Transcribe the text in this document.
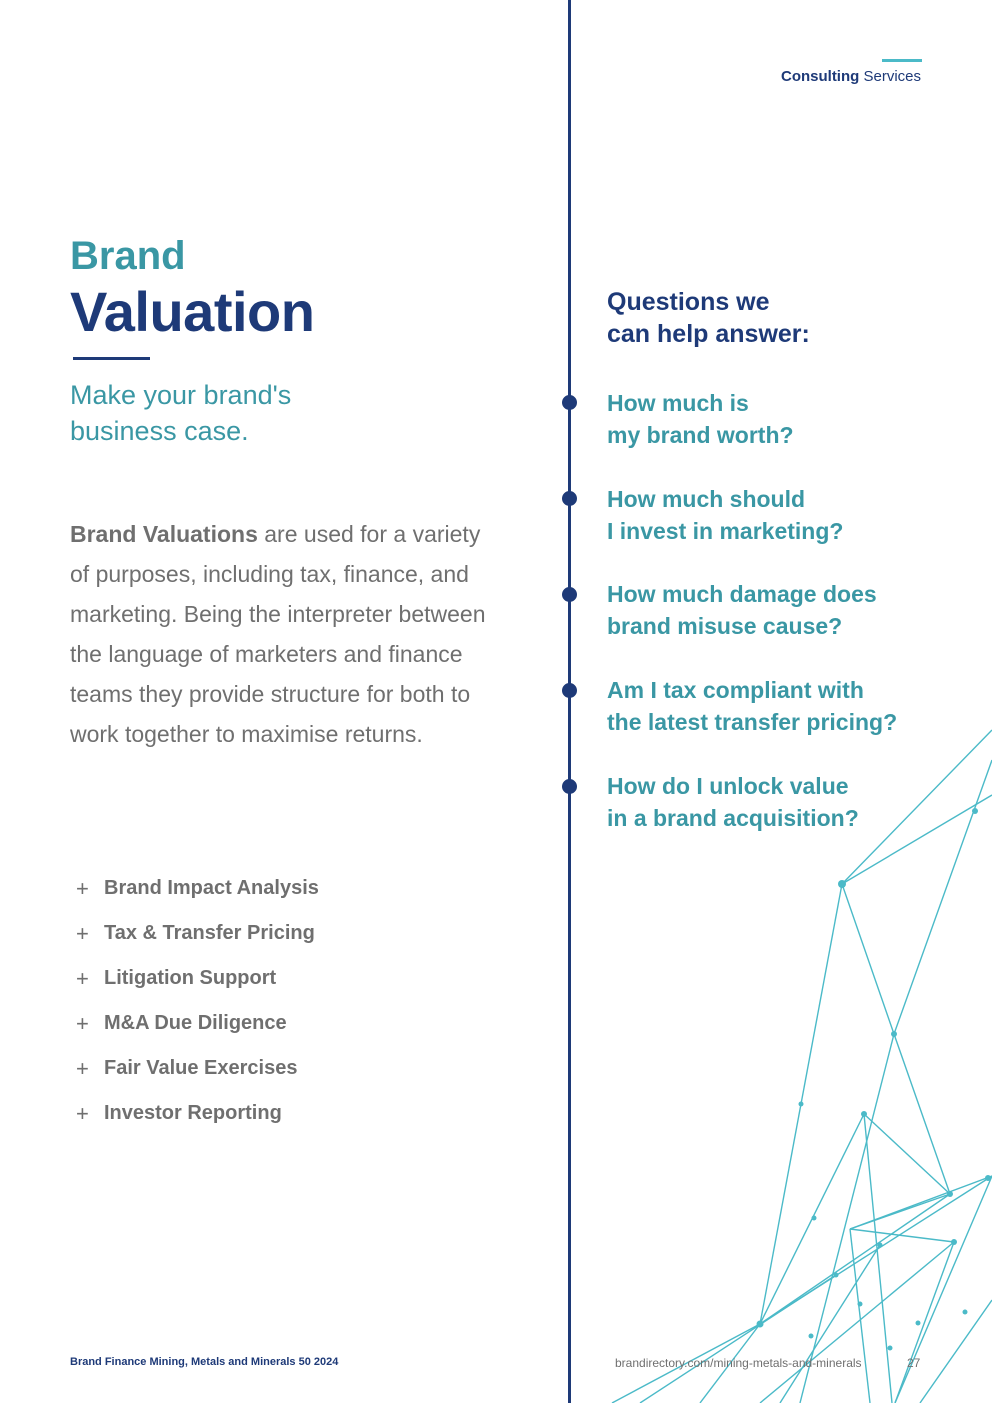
Consulting Services
Brand
Valuation
Make your brand's
business case.
Brand Valuations are used for a variety of purposes, including tax, finance, and marketing. Being the interpreter between the language of marketers and finance teams they provide structure for both to work together to maximise returns.
+ Brand Impact Analysis
+ Tax & Transfer Pricing
+ Litigation Support
+ M&A Due Diligence
+ Fair Value Exercises
+ Investor Reporting
Questions we
can help answer:
How much is
my brand worth?
How much should
I invest in marketing?
How much damage does
brand misuse cause?
Am I tax compliant with
the latest transfer pricing?
How do I unlock value
in a brand acquisition?
Brand Finance Mining, Metals and Minerals 50 2024	brandirectory.com/mining-metals-and-minerals	27
